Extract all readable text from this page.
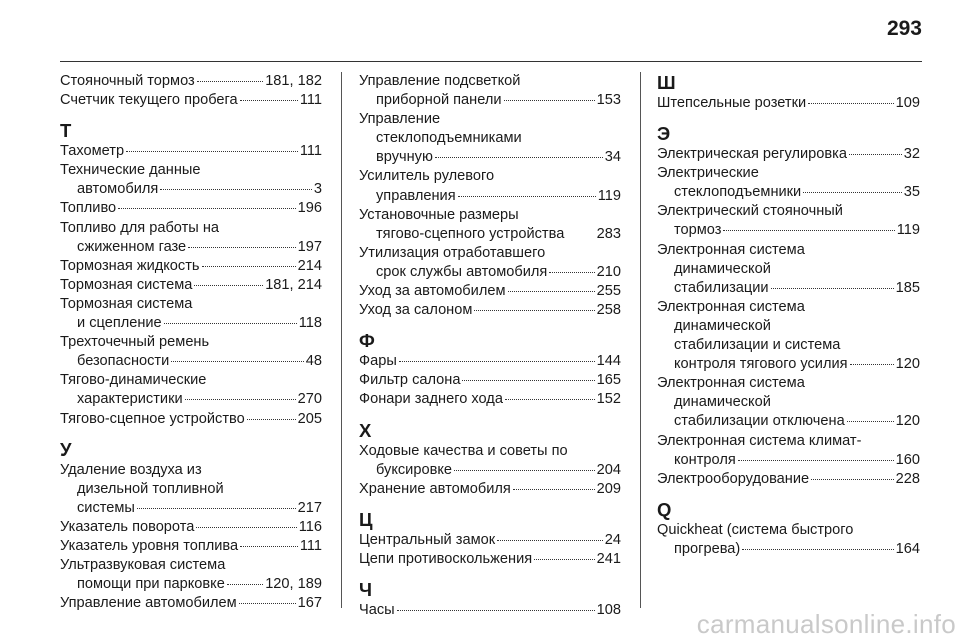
293
Стояночный тормоз	181, 182
Счетчик текущего пробега	111
Т
Тахометр	111
Технические данные
автомобиля	3
Топливо	196
Топливо для работы на
сжиженном газе	197
Тормозная жидкость	214
Тормозная система	181, 214
Тормозная система
и сцепление	118
Трехточечный ремень
безопасности	48
Тягово-динамические
характеристики	270
Тягово-сцепное устройство	205
У
Удаление воздуха из
дизельной топливной
системы	217
Указатель поворота	116
Указатель уровня топлива	111
Ультразвуковая система
помощи при парковке	120, 189
Управление автомобилем	167
Управление подсветкой
приборной панели	153
Управление
стеклоподъемниками
вручную	34
Усилитель рулевого
управления	119
Установочные размеры
тягово-сцепного устройства 283
Утилизация отработавшего
срок службы автомобиля	210
Уход за автомобилем	255
Уход за салоном	258
Ф
Фары	144
Фильтр салона	165
Фонари заднего хода	152
Х
Ходовые качества и советы по
буксировке	204
Хранение автомобиля	209
Ц
Центральный замок	24
Цепи противоскольжения	241
Ч
Часы	108
Ш
Штепсельные розетки	109
Э
Электрическая регулировка	32
Электрические
стеклоподъемники	35
Электрический стояночный
тормоз	119
Электронная система
динамической
стабилизации	185
Электронная система
динамической
стабилизации и система
контроля тягового усилия	120
Электронная система
динамической
стабилизации отключена	120
Электронная система климат-
контроля	160
Электрооборудование	228
Q
Quickheat (система быстрого
прогрева)	164
carmanualsonline.info
